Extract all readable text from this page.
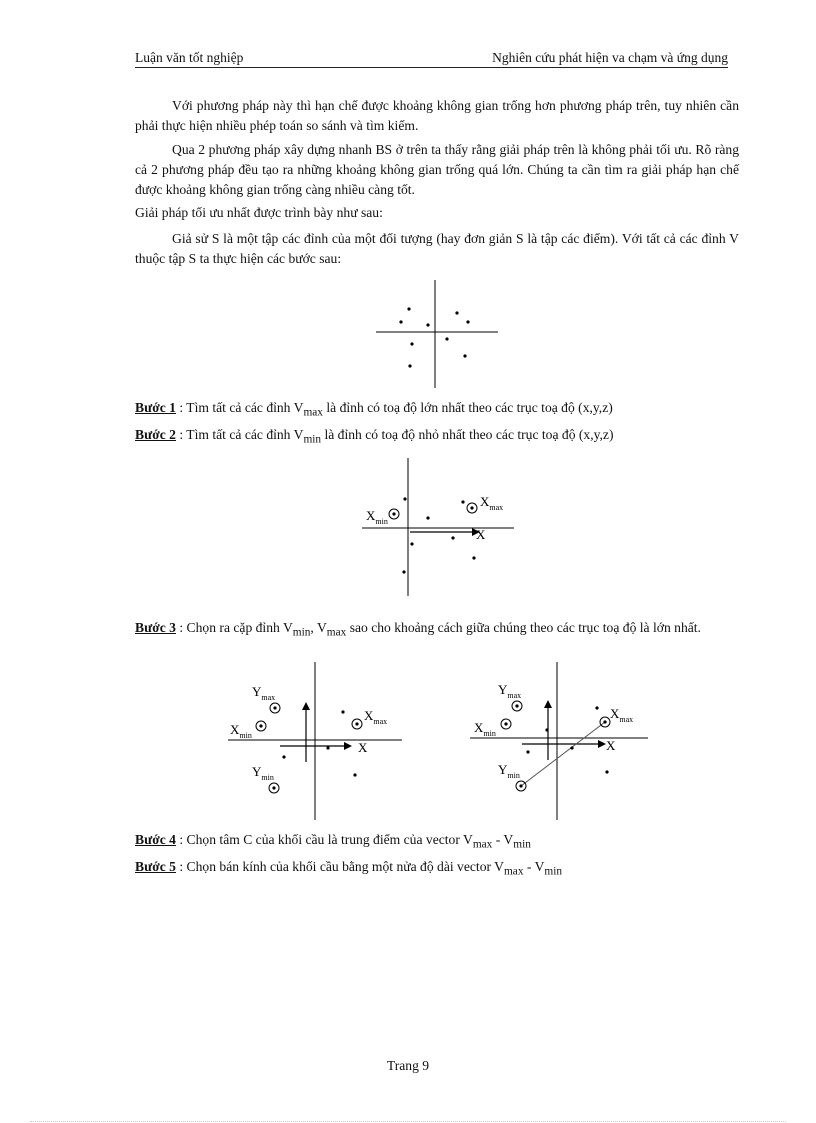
Luận văn tốt nghiệp	Nghiên cứu phát hiện va chạm và ứng dụng

Với phương pháp này thì hạn chế được khoảng không gian trống hơn phương pháp trên, tuy nhiên cần phải thực hiện nhiều phép toán so sánh và tìm kiếm.

Qua 2 phương pháp xây dựng nhanh BS ở trên ta thấy rằng giải pháp trên là không phải tối ưu. Rõ ràng cả 2 phương pháp đều tạo ra những khoảng không gian trống quá lớn. Chúng ta cần tìm ra giải pháp hạn chế được khoảng không gian trống càng nhiều càng tốt.

Giải pháp tối ưu nhất được trình bày như sau:

Giả sử S là một tập các đỉnh của một đối tượng (hay đơn giản S là tập các điểm). Với tất cả các đỉnh V thuộc tập S ta thực hiện các bước sau:

Bước 1 : Tìm tất cả các đỉnh $V_{max}$ là đỉnh có toạ độ lớn nhất theo các trục toạ độ (x,y,z)

Bước 2 : Tìm tất cả các đỉnh $V_{min}$ là đỉnh có toạ độ nhỏ nhất theo các trục toạ độ (x,y,z)

X
$X_{min}$
$X_{max}$

Bước 3 : Chọn ra cặp đỉnh $V_{min}$, $V_{max}$ sao cho khoảng cách giữa chúng theo các trục toạ độ là lớn nhất.

X
$Y_{max}$
$X_{min}$
$X_{max}$
$Y_{min}$
X
$Y_{max}$
$X_{min}$
$X_{max}$
$Y_{min}$

Bước 4 : Chọn tâm C của khối cầu là trung điểm của vector $V_{max} - V_{min}$

Bước 5 : Chọn bán kính của khối cầu bằng một nửa độ dài vector $V_{max} - V_{min}$

Trang 9
